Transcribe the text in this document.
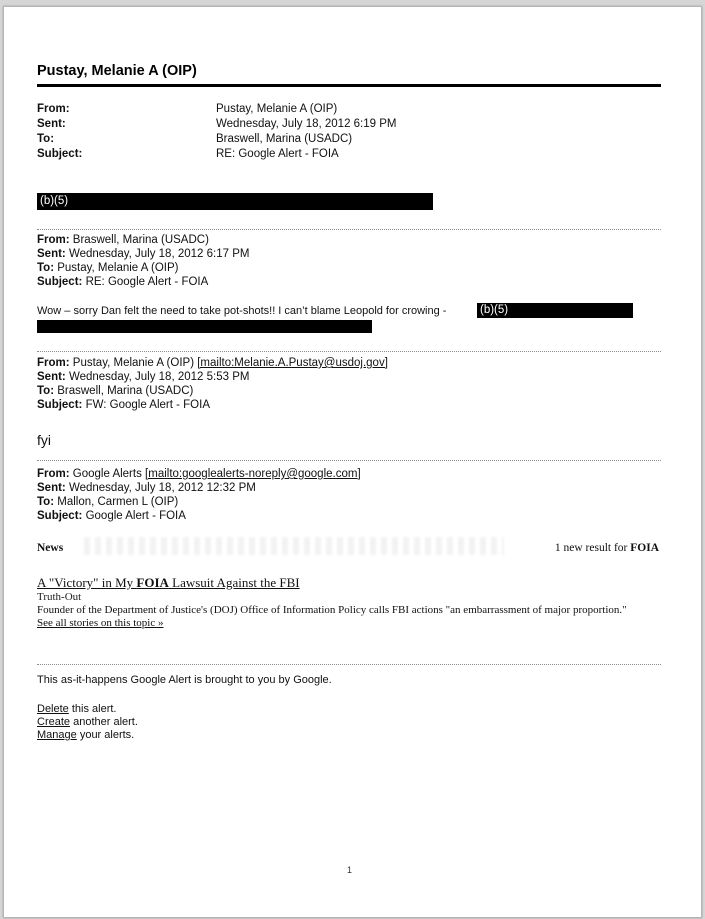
Pustay, Melanie A (OIP)
From:	Pustay, Melanie A (OIP)
Sent:	Wednesday, July 18, 2012 6:19 PM
To:	Braswell, Marina (USADC)
Subject:	RE: Google Alert - FOIA
(b)(5)
From: Braswell, Marina (USADC)
Sent: Wednesday, July 18, 2012 6:17 PM
To: Pustay, Melanie A (OIP)
Subject: RE: Google Alert - FOIA
Wow – sorry Dan felt the need to take pot-shots!! I can’t blame Leopold for crowing -	(b)(5)
From: Pustay, Melanie A (OIP) [mailto:Melanie.A.Pustay@usdoj.gov]
Sent: Wednesday, July 18, 2012 5:53 PM
To: Braswell, Marina (USADC)
Subject: FW: Google Alert - FOIA
fyi
From: Google Alerts [mailto:googlealerts-noreply@google.com]
Sent: Wednesday, July 18, 2012 12:32 PM
To: Mallon, Carmen L (OIP)
Subject: Google Alert - FOIA
News	1 new result for FOIA
A "Victory" in My FOIA Lawsuit Against the FBI
Truth-Out
Founder of the Department of Justice's (DOJ) Office of Information Policy calls FBI actions "an embarrassment of major proportion."
See all stories on this topic »
This as-it-happens Google Alert is brought to you by Google.
Delete this alert.
Create another alert.
Manage your alerts.
1
